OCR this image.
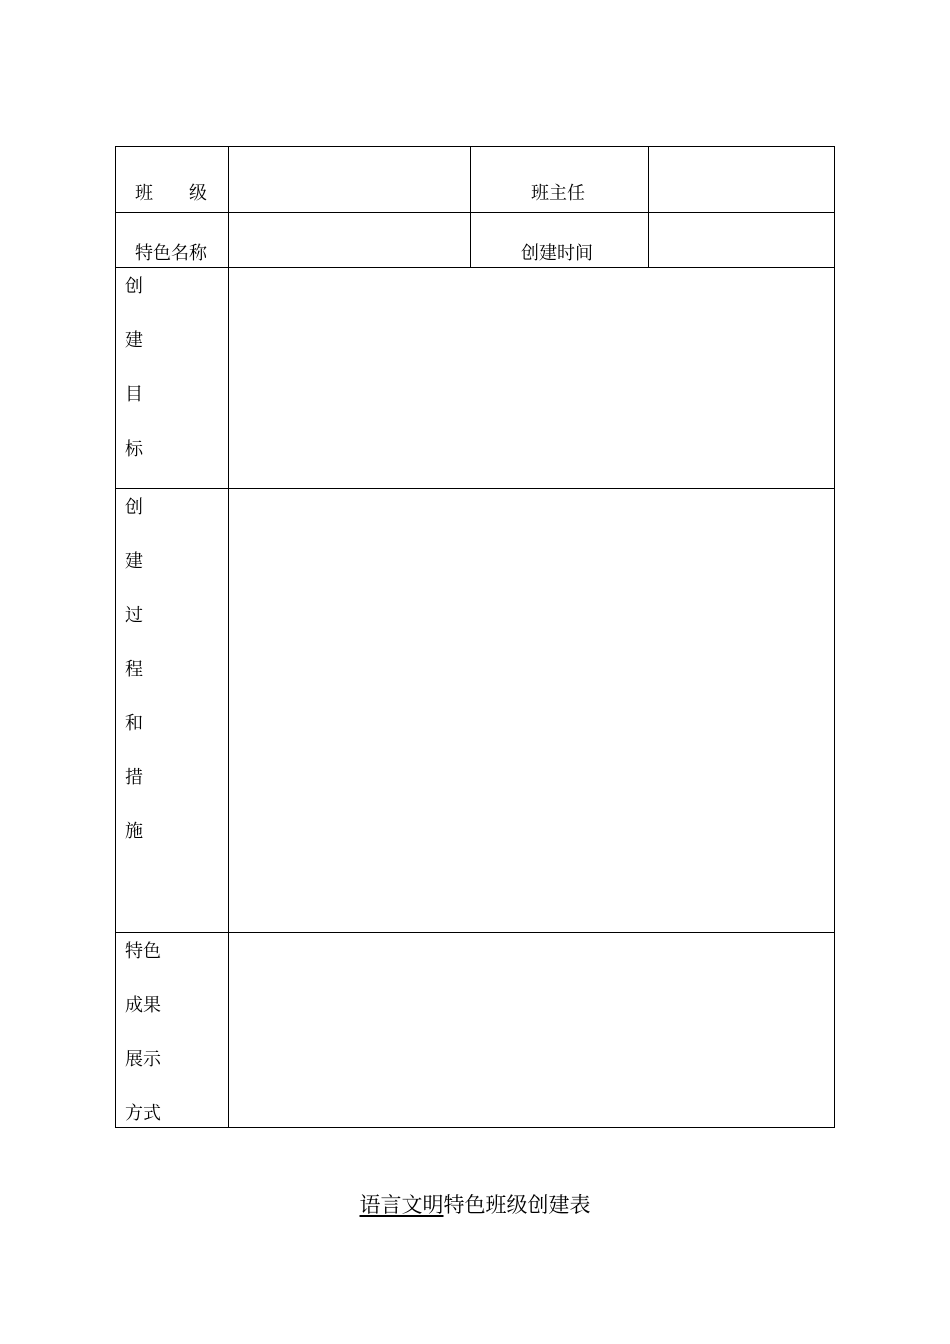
班　　级	班主任
特色名称	创建时间
创
建
目
标
创
建
过
程
和
措
施
特色
成果
展示
方式
语言文明特色班级创建表
